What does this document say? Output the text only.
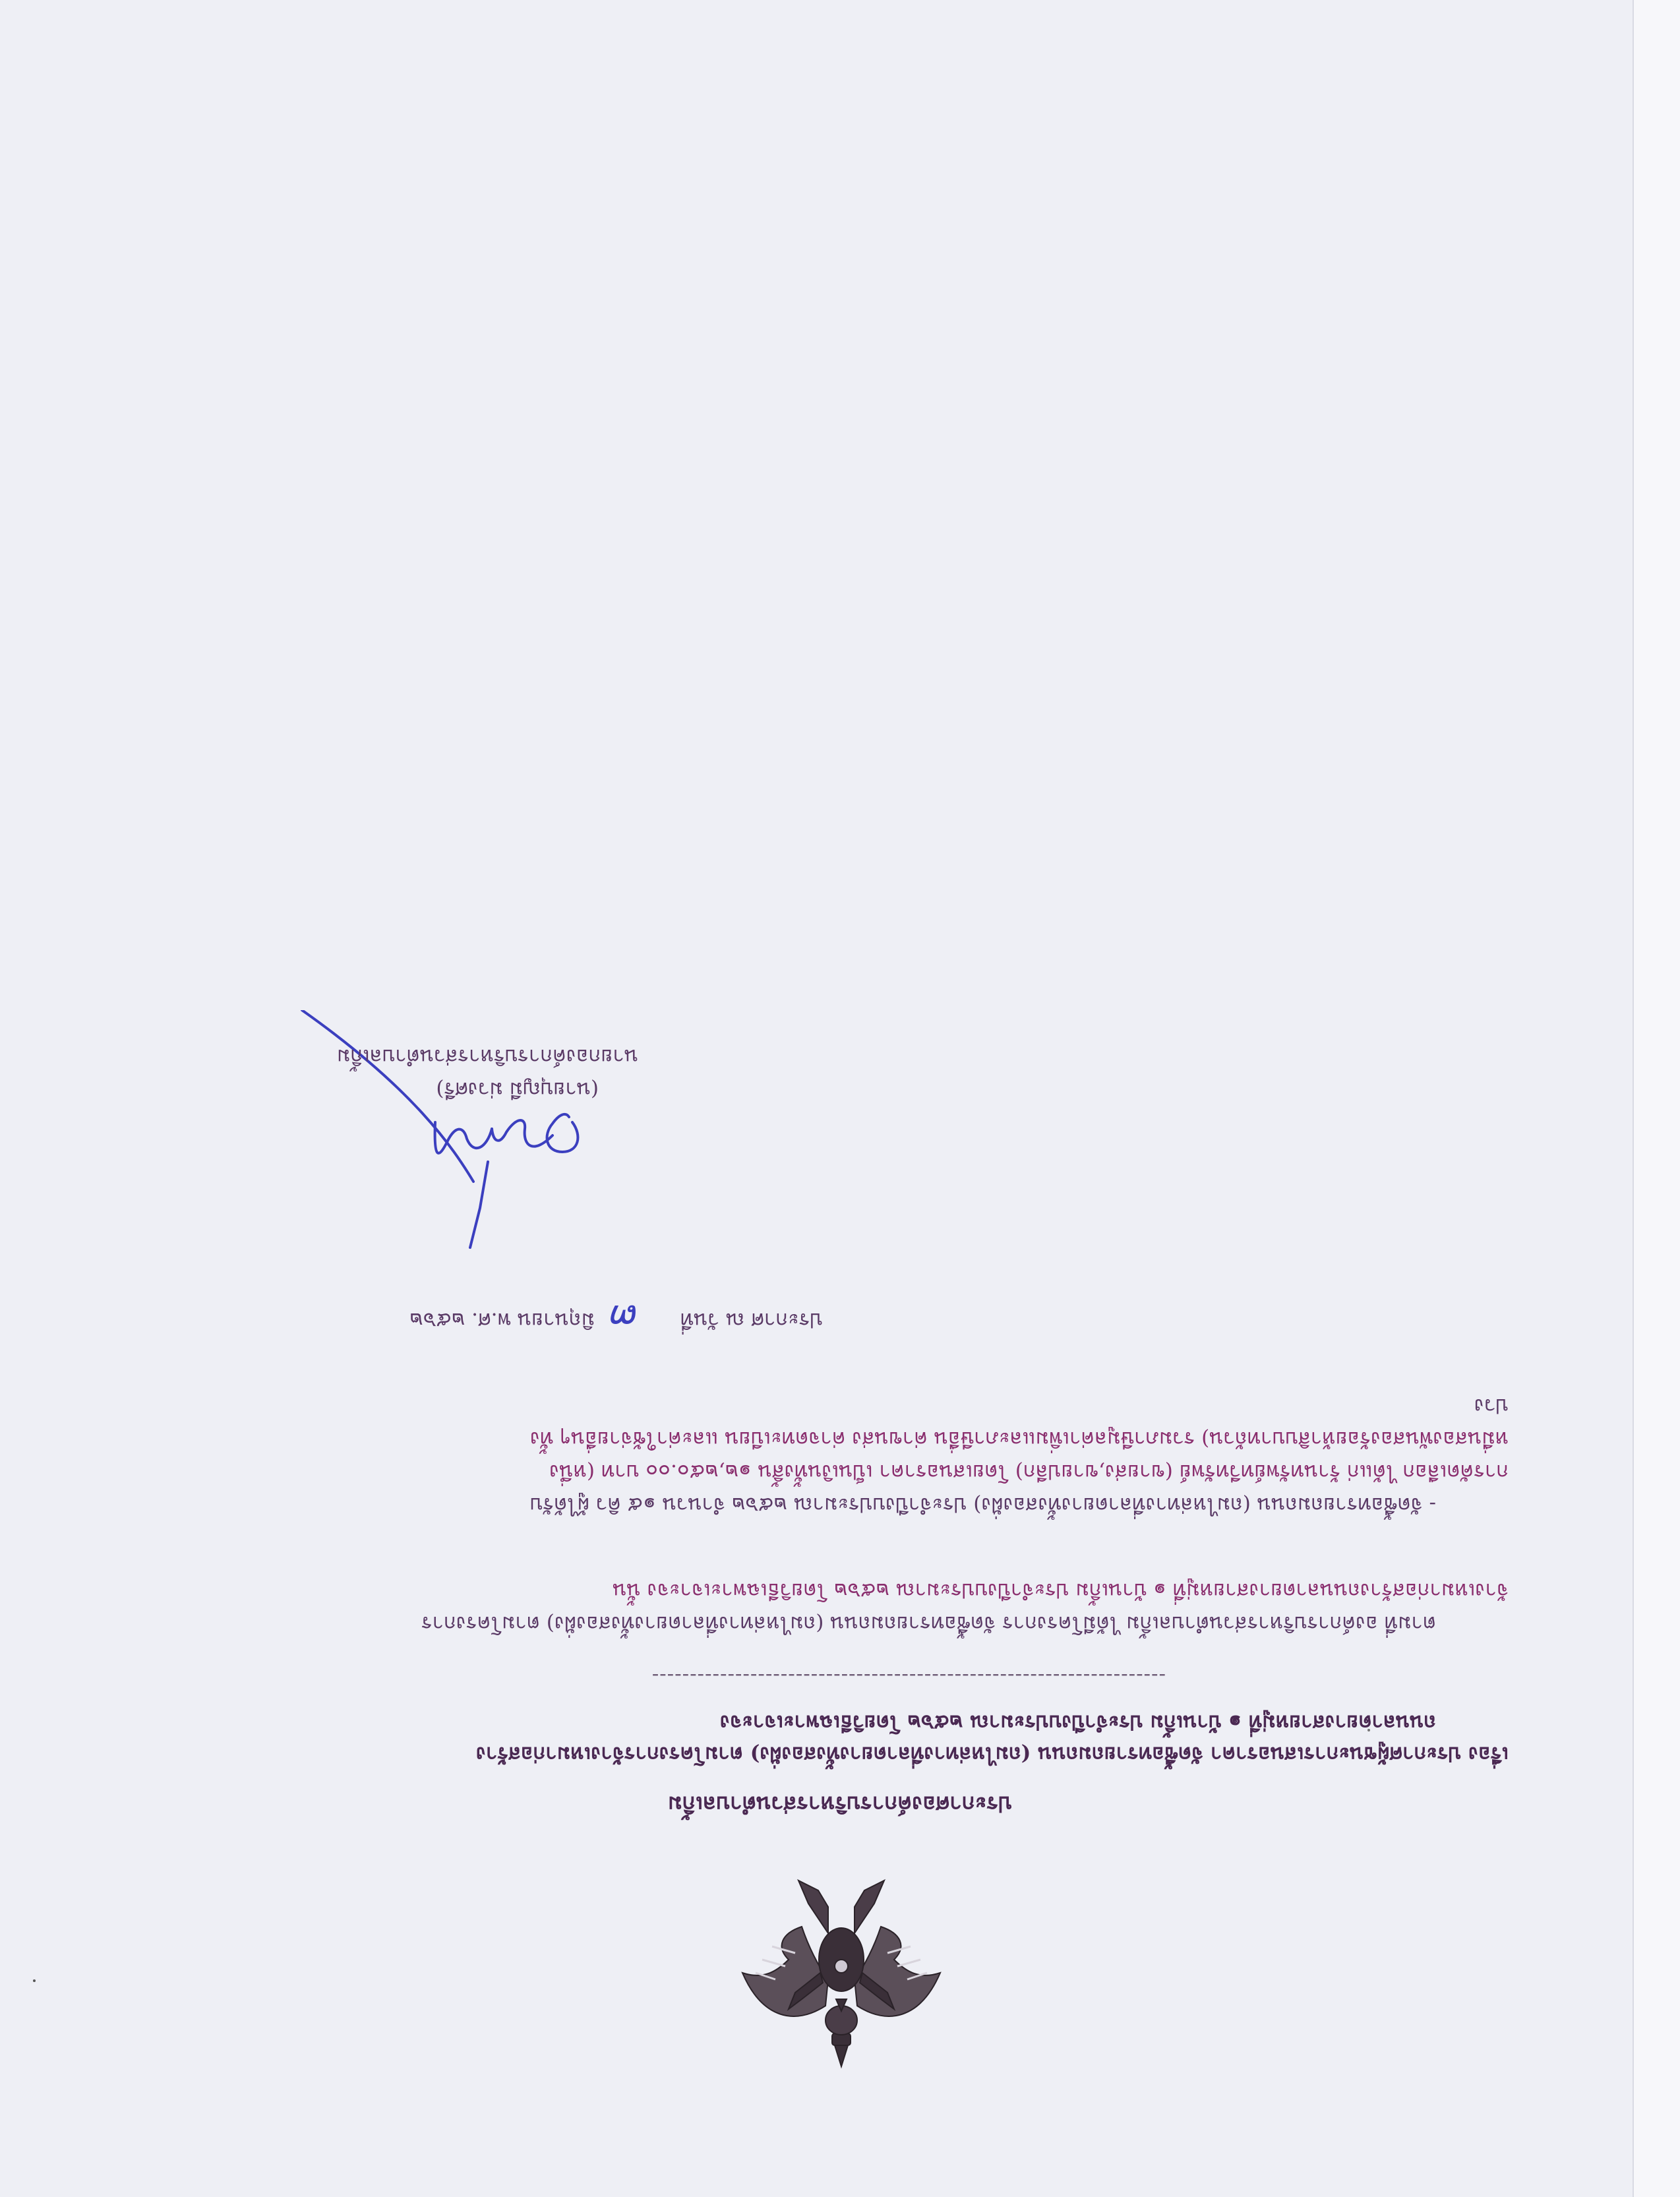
ประกาศองค์การบริหารส่วนตำบลเกิ้ม
เรื่อง ประกาศผู้ชนะการเสนอราคา จัดซื้อทรายถมถนน (ถมไหล่ทางที่ลาดยางทั้งสองฝั่ง) ตามโครงการจ้างเหมาก่อสร้าง
ถนนลาดยางสายหมู่ที่ ๑ บ้านเกิ้ม ประจำปีงบประมาณ ๒๕๖๒ โดยวิธีเฉพาะเจาะจง
--------------------------------------------------------------------
ตามที่ องค์การบริหารส่วนตำบลเกิ้ม ได้มีโครงการ จัดซื้อทรายถมถนน (ถมไหล่ทางที่ลาดยางทั้งสองฝั่ง) ตามโครงการ
จ้างเหมาก่อสร้างถนนลาดยางสายหมู่ที่ ๑ บ้านเกิ้ม ประจำปีงบประมาณ ๒๕๖๒ โดยวิธีเฉพาะเจาะจง นั้น
- จัดซื้อทรายถมถนน (ถมไหล่ทางที่ลาดยางทั้งสองฝั่ง) ประจำปีงบประมาณ ๒๕๖๒ จำนวน ๑๕ คิว ผู้ได้รับ
การคัดเลือก ได้แก่ ร้านทรัพย์ทวีทรัพย์ (ขายส่ง,ขายปลีก) โดยเสนอราคา เป็นเงินทั้งสิ้น ๑๒,๒๕๐.๐๐ บาท (หนึ่ง
หมื่นสองพันสองร้อยห้าสิบบาทถ้วน) รวมภาษีมูลค่าเพิ่มและภาษีอื่น ค่าขนส่ง ค่าจดทะเบียน และค่าใช้จ่ายอื่นๆ ทั้ง
ปวง
ประกาศ ณ วันที่  มิถุนายน พ.ศ. ๒๕๖๒ ๓
(นายบุญมี ม่วงศรี)
นายกองค์การบริหารส่วนตำบลเกิ้ม
